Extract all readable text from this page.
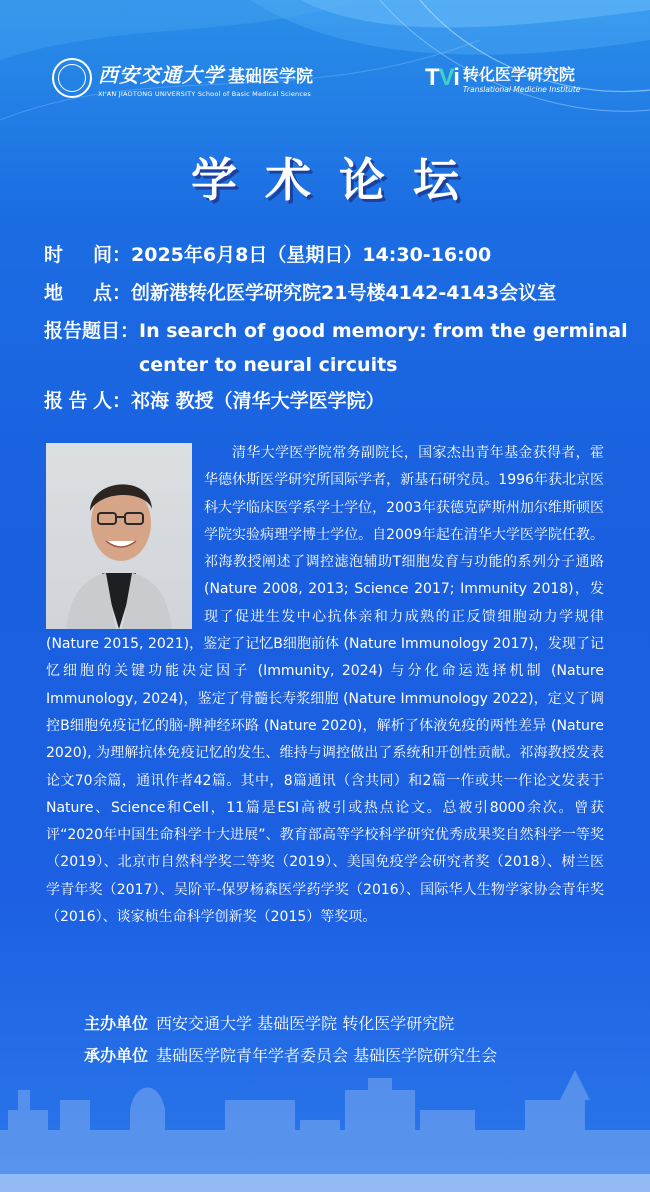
西安交通大学 基础医学院
XI'AN JIAOTONG UNIVERSITY School of Basic Medical Sciences
TVi 转化医学研究院
Translational Medicine Institute
学术论坛
时 间： 2025年6月8日（星期日）14:30-16:00
地 点： 创新港转化医学研究院21号楼4142-4143会议室
报告题目： In search of good memory: from the germinal center to neural circuits
报 告 人： 祁海 教授（清华大学医学院）

清华大学医学院常务副院长，国家杰出青年基金获得者，霍华德休斯医学研究所国际学者，新基石研究员。1996年获北京医科大学临床医学系学士学位，2003年获德克萨斯州加尔维斯顿医学院实验病理学博士学位。自2009年起在清华大学医学院任教。祁海教授阐述了调控滤泡辅助T细胞发育与功能的系列分子通路 (Nature 2008, 2013; Science 2017; Immunity 2018)，发现了促进生发中心抗体亲和力成熟的正反馈细胞动力学规律 (Nature 2015, 2021)，鉴定了记忆B细胞前体 (Nature Immunology 2017)，发现了记忆细胞的关键功能决定因子 (Immunity, 2024) 与分化命运选择机制 (Nature Immunology, 2024)，鉴定了骨髓长寿浆细胞 (Nature Immunology 2022)，定义了调控B细胞免疫记忆的脑-脾神经环路 (Nature 2020)，解析了体液免疫的两性差异 (Nature 2020), 为理解抗体免疫记忆的发生、维持与调控做出了系统和开创性贡献。祁海教授发表论文70余篇，通讯作者42篇。其中，8篇通讯（含共同）和2篇一作或共一作论文发表于Nature、Science和Cell，11篇是ESI高被引或热点论文。总被引8000余次。曾获评“2020年中国生命科学十大进展”、教育部高等学校科学研究优秀成果奖自然科学一等奖（2019）、北京市自然科学奖二等奖（2019）、美国免疫学会研究者奖（2018）、树兰医学青年奖（2017）、吴阶平-保罗杨森医学药学奖（2016）、国际华人生物学家协会青年奖（2016）、谈家桢生命科学创新奖（2015）等奖项。

主办单位 西安交通大学 基础医学院 转化医学研究院
承办单位 基础医学院青年学者委员会 基础医学院研究生会
